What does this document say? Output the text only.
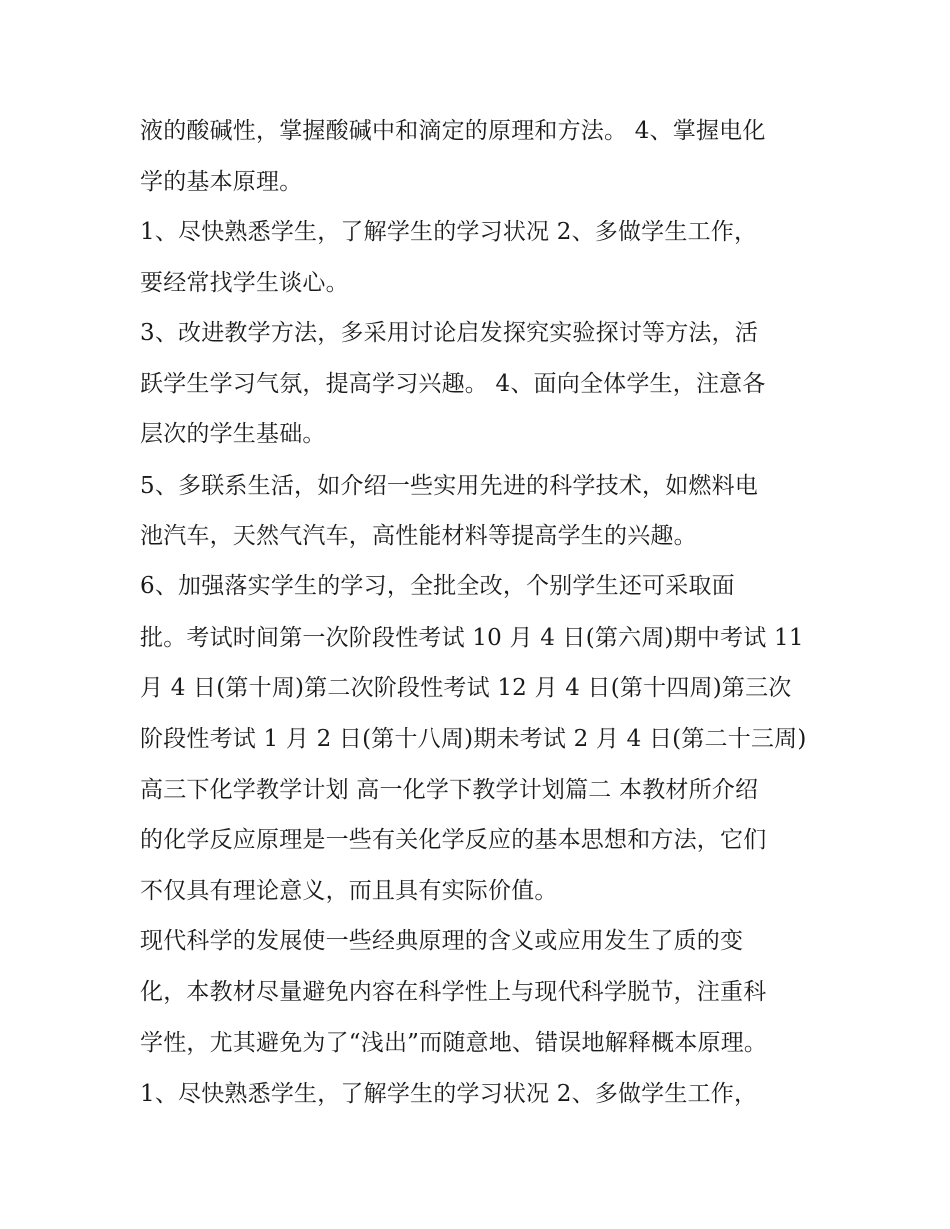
液的酸碱性，掌握酸碱中和滴定的原理和方法。 4、掌握电化
学的基本原理。
1、尽快熟悉学生，了解学生的学习状况 2、多做学生工作，
要经常找学生谈心。
3、改进教学方法，多采用讨论启发探究实验探讨等方法，活
跃学生学习气氛，提高学习兴趣。 4、面向全体学生，注意各
层次的学生基础。
5、多联系生活，如介绍一些实用先进的科学技术，如燃料电
池汽车，天然气汽车，高性能材料等提高学生的兴趣。
6、加强落实学生的学习，全批全改，个别学生还可采取面
批。考试时间第一次阶段性考试 10 月 4 日(第六周)期中考试 11
月 4 日(第十周)第二次阶段性考试 12 月 4 日(第十四周)第三次
阶段性考试 1 月 2 日(第十八周)期未考试 2 月 4 日(第二十三周)
高三下化学教学计划 高一化学下教学计划篇二 本教材所介绍
的化学反应原理是一些有关化学反应的基本思想和方法，它们
不仅具有理论意义，而且具有实际价值。
现代科学的发展使一些经典原理的含义或应用发生了质的变
化，本教材尽量避免内容在科学性上与现代科学脱节，注重科
学性，尤其避免为了“浅出”而随意地、错误地解释概本原理。
1、尽快熟悉学生，了解学生的学习状况 2、多做学生工作，
